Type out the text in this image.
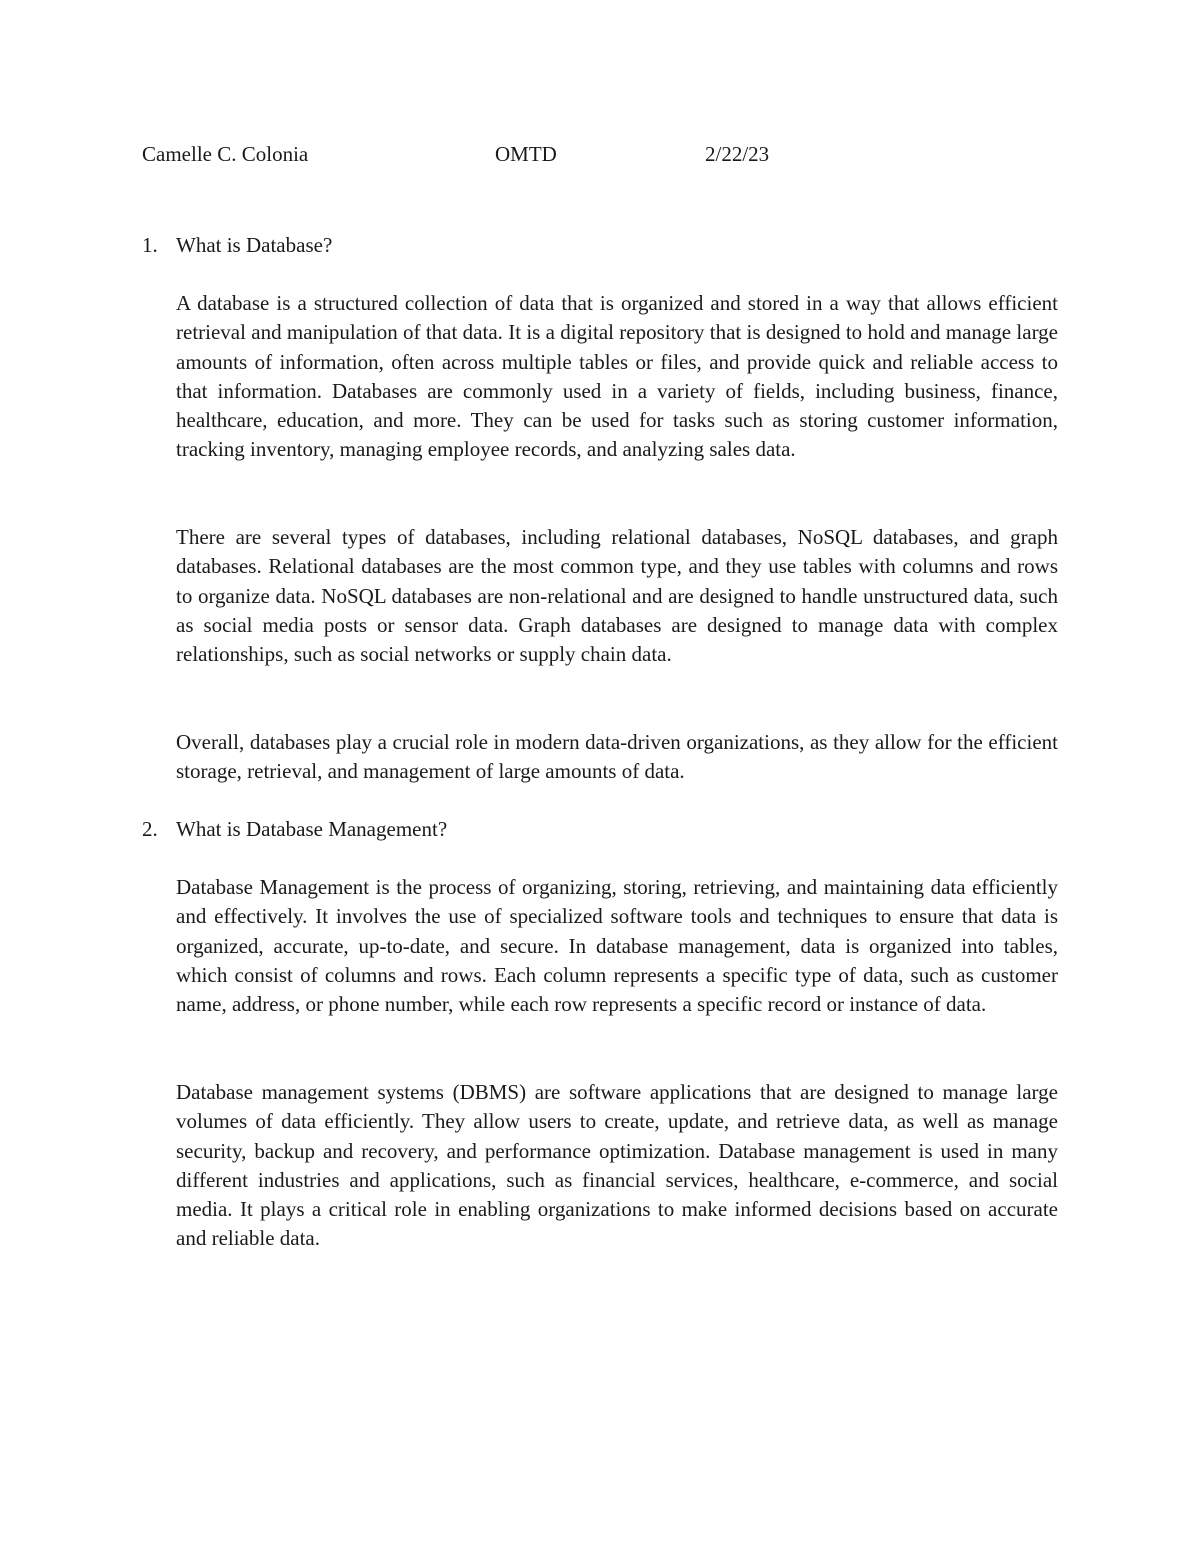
Camelle C. Colonia	OMTD	2/22/23
1. What is Database?

A database is a structured collection of data that is organized and stored in a way that allows efficient retrieval and manipulation of that data. It is a digital repository that is designed to hold and manage large amounts of information, often across multiple tables or files, and provide quick and reliable access to that information. Databases are commonly used in a variety of fields, including business, finance, healthcare, education, and more. They can be used for tasks such as storing customer information, tracking inventory, managing employee records, and analyzing sales data.

There are several types of databases, including relational databases, NoSQL databases, and graph databases. Relational databases are the most common type, and they use tables with columns and rows to organize data. NoSQL databases are non-relational and are designed to handle unstructured data, such as social media posts or sensor data. Graph databases are designed to manage data with complex relationships, such as social networks or supply chain data.

Overall, databases play a crucial role in modern data-driven organizations, as they allow for the efficient storage, retrieval, and management of large amounts of data.

2. What is Database Management?

Database Management is the process of organizing, storing, retrieving, and maintaining data efficiently and effectively. It involves the use of specialized software tools and techniques to ensure that data is organized, accurate, up-to-date, and secure. In database management, data is organized into tables, which consist of columns and rows. Each column represents a specific type of data, such as customer name, address, or phone number, while each row represents a specific record or instance of data.

Database management systems (DBMS) are software applications that are designed to manage large volumes of data efficiently. They allow users to create, update, and retrieve data, as well as manage security, backup and recovery, and performance optimization. Database management is used in many different industries and applications, such as financial services, healthcare, e-commerce, and social media. It plays a critical role in enabling organizations to make informed decisions based on accurate and reliable data.
